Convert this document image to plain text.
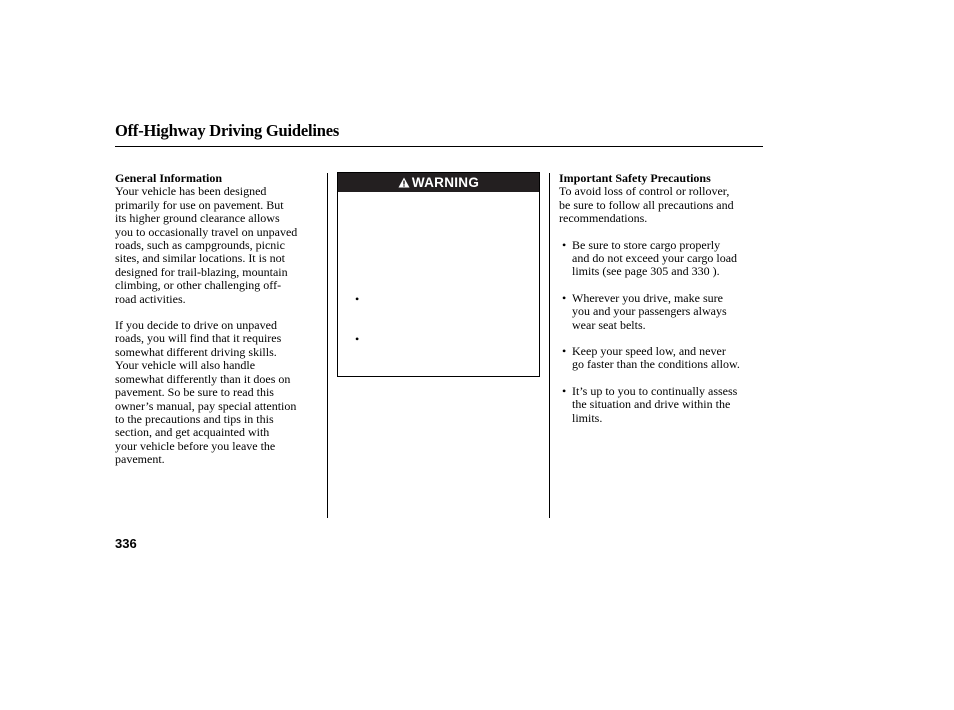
Off-Highway Driving Guidelines
General Information
Your vehicle has been designed
primarily for use on pavement. But
its higher ground clearance allows
you to occasionally travel on unpaved
roads, such as campgrounds, picnic
sites, and similar locations. It is not
designed for trail-blazing, mountain
climbing, or other challenging off-
road activities.
If you decide to drive on unpaved
roads, you will find that it requires
somewhat different driving skills.
Your vehicle will also handle
somewhat differently than it does on
pavement. So be sure to read this
owner’s manual, pay special attention
to the precautions and tips in this
section, and get acquainted with
your vehicle before you leave the
pavement.
WARNING
•
•
Important Safety Precautions
To avoid loss of control or rollover,
be sure to follow all precautions and
recommendations.
• Be sure to store cargo properly
and do not exceed your cargo load
limits (see page 305 and 330 ).
• Wherever you drive, make sure
you and your passengers always
wear seat belts.
• Keep your speed low, and never
go faster than the conditions allow.
• It’s up to you to continually assess
the situation and drive within the
limits.
336
